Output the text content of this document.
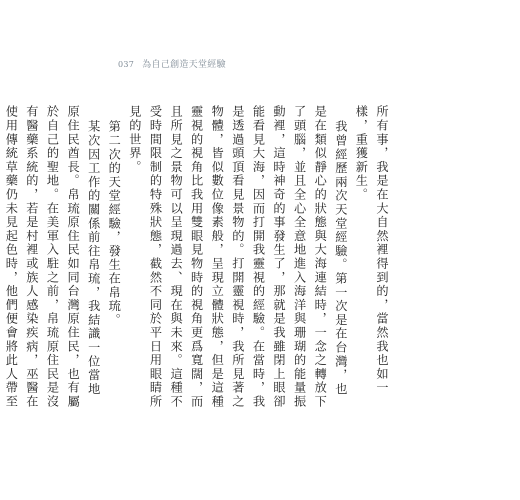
037 為自己創造天堂經驗

所有事，我是在大自然裡得到的，當然我也如一樣，重獲新生。

我曾經歷兩次天堂經驗。第一次是在台灣，也是在類似靜心的狀態與大海連結時，一念之轉放下了頭腦，並且全心全意地進入海洋與珊瑚的能量振動裡，這時神奇的事發生了，那就是我雖閉上眼卻能看見大海，因而打開我靈視的經驗。在當時，我是透過頭頂看見景物的。打開靈視時，我所見著之物體，皆似數位像素般，呈現立體狀態，但是這種靈視的視角比我用雙眼見物時的視角更爲寬闊，而且所見之景物可以呈現過去、現在與未來。這種不受時間限制的特殊狀態，截然不同於平日用眼睛所見的世界。

第二次的天堂經驗，發生在帛琉。

某次因工作的關係前往帛琉，我結識一位當地原住民酋長。帛琉原住民如同台灣原住民，也有屬於自己的聖地。在美軍入駐之前，帛琉原住民是沒有醫藥系統的，若是村裡或族人感染疾病，巫醫在使用傳統草藥仍未見起色時，他們便會將此人帶至
